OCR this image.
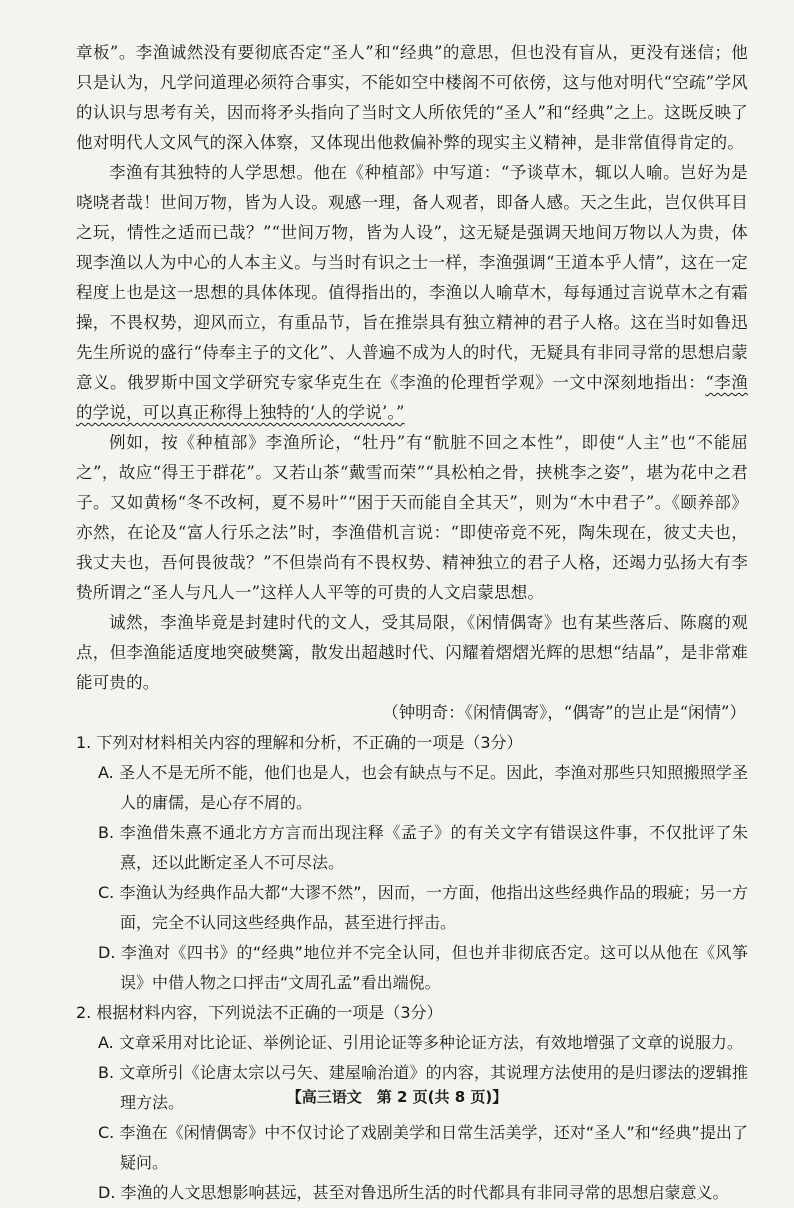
章板”。李渔诚然没有要彻底否定“圣人”和“经典”的意思，但也没有盲从，更没有迷信；他只是认为，凡学问道理必须符合事实，不能如空中楼阁不可依傍，这与他对明代“空疏”学风的认识与思考有关，因而将矛头指向了当时文人所依凭的“圣人”和“经典”之上。这既反映了他对明代人文风气的深入体察，又体现出他救偏补弊的现实主义精神，是非常值得肯定的。

李渔有其独特的人学思想。他在《种植部》中写道：“予谈草木，辄以人喻。岂好为是哓哓者哉！世间万物，皆为人设。观感一理，备人观者，即备人感。天之生此，岂仅供耳目之玩，情性之适而已哉？”“世间万物，皆为人设”，这无疑是强调天地间万物以人为贵，体现李渔以人为中心的人本主义。与当时有识之士一样，李渔强调“王道本乎人情”，这在一定程度上也是这一思想的具体体现。值得指出的，李渔以人喻草木，每每通过言说草木之有霜操，不畏权势，迎风而立，有重品节，旨在推崇具有独立精神的君子人格。这在当时如鲁迅先生所说的盛行“侍奉主子的文化”、人普遍不成为人的时代，无疑具有非同寻常的思想启蒙意义。俄罗斯中国文学研究专家华克生在《李渔的伦理哲学观》一文中深刻地指出：“李渔的学说，可以真正称得上独特的‘人的学说’。”

例如，按《种植部》李渔所论，“牡丹”有“骯脏不回之本性”，即使“人主”也“不能屈之”，故应“得王于群花”。又若山茶“戴雪而荣”“具松柏之骨，挟桃李之姿”，堪为花中之君子。又如黄杨“冬不改柯，夏不易叶”“困于天而能自全其天”，则为“木中君子”。《颐养部》亦然，在论及“富人行乐之法”时，李渔借机言说：“即使帝竞不死，陶朱现在，彼丈夫也，我丈夫也，吾何畏彼哉？”不但崇尚有不畏权势、精神独立的君子人格，还竭力弘扬大有李贽所谓之“圣人与凡人一”这样人人平等的可贵的人文启蒙思想。

诚然，李渔毕竟是封建时代的文人，受其局限，《闲情偶寄》也有某些落后、陈腐的观点，但李渔能适度地突破樊篱，散发出超越时代、闪耀着熠熠光辉的思想“结晶”，是非常难能可贵的。

（钟明奇：《闲情偶寄》，“偶寄”的岂止是“闲情”）

1. 下列对材料相关内容的理解和分析，不正确的一项是（3分）

A. 圣人不是无所不能，他们也是人，也会有缺点与不足。因此，李渔对那些只知照搬照学圣人的庸儒，是心存不屑的。

B. 李渔借朱熹不通北方方言而出现注释《孟子》的有关文字有错误这件事，不仅批评了朱熹，还以此断定圣人不可尽法。

C. 李渔认为经典作品大都“大谬不然”，因而，一方面，他指出这些经典作品的瑕疵；另一方面，完全不认同这些经典作品，甚至进行抨击。

D. 李渔对《四书》的“经典”地位并不完全认同，但也并非彻底否定。这可以从他在《风筝误》中借人物之口抨击“文周孔孟”看出端倪。

2. 根据材料内容，下列说法不正确的一项是（3分）

A. 文章采用对比论证、举例论证、引用论证等多种论证方法，有效地增强了文章的说服力。

B. 文章所引《论唐太宗以弓矢、建屋喻治道》的内容，其说理方法使用的是归谬法的逻辑推理方法。

C. 李渔在《闲情偶寄》中不仅讨论了戏剧美学和日常生活美学，还对“圣人”和“经典”提出了疑问。

D. 李渔的人文思想影响甚远，甚至对鲁迅所生活的时代都具有非同寻常的思想启蒙意义。

【高三语文　第 2 页(共 8 页)】
